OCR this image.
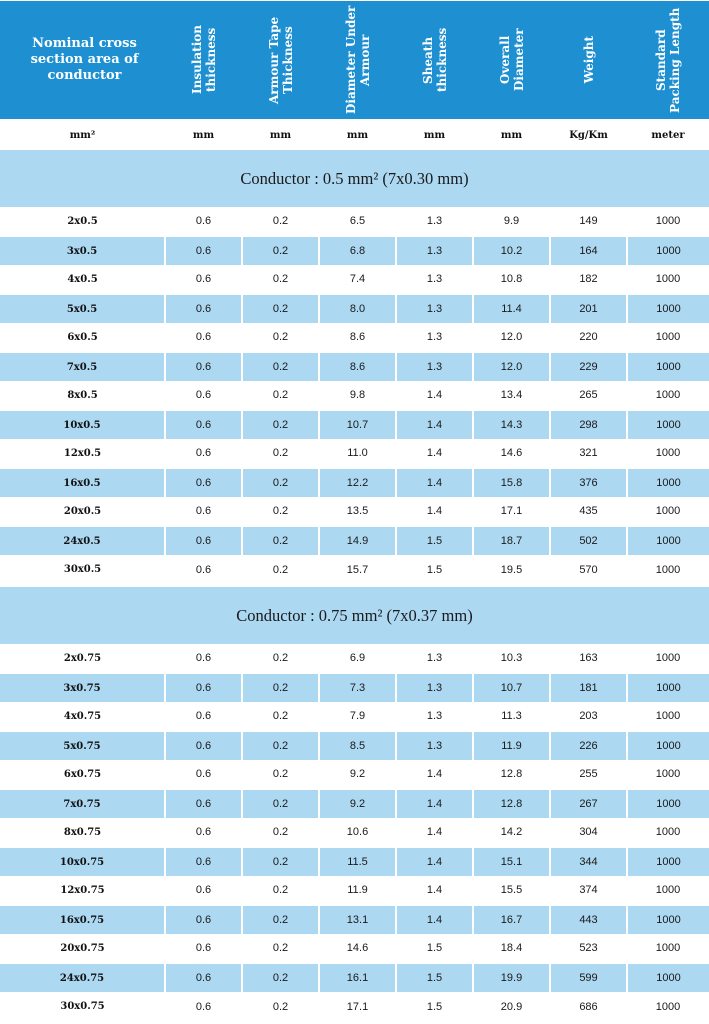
Nominal cross section area of conductor	Insulation thickness	Armour Tape Thickness	Diameter Under Armour	Sheath thickness	Overall Diameter	Weight	Standard Packing Length

mm²	mm	mm	mm	mm	mm	Kg/Km	meter
Conductor : 0.5 mm² (7x0.30 mm)							
2x0.5	0.6	0.2	6.5	1.3	9.9	149	1000
3x0.5	0.6	0.2	6.8	1.3	10.2	164	1000
4x0.5	0.6	0.2	7.4	1.3	10.8	182	1000
5x0.5	0.6	0.2	8.0	1.3	11.4	201	1000
6x0.5	0.6	0.2	8.6	1.3	12.0	220	1000
7x0.5	0.6	0.2	8.6	1.3	12.0	229	1000
8x0.5	0.6	0.2	9.8	1.4	13.4	265	1000
10x0.5	0.6	0.2	10.7	1.4	14.3	298	1000
12x0.5	0.6	0.2	11.0	1.4	14.6	321	1000
16x0.5	0.6	0.2	12.2	1.4	15.8	376	1000
20x0.5	0.6	0.2	13.5	1.4	17.1	435	1000
24x0.5	0.6	0.2	14.9	1.5	18.7	502	1000
30x0.5	0.6	0.2	15.7	1.5	19.5	570	1000

Conductor : 0.75 mm² (7x0.37 mm)							
2x0.75	0.6	0.2	6.9	1.3	10.3	163	1000
3x0.75	0.6	0.2	7.3	1.3	10.7	181	1000
4x0.75	0.6	0.2	7.9	1.3	11.3	203	1000
5x0.75	0.6	0.2	8.5	1.3	11.9	226	1000
6x0.75	0.6	0.2	9.2	1.4	12.8	255	1000
7x0.75	0.6	0.2	9.2	1.4	12.8	267	1000
8x0.75	0.6	0.2	10.6	1.4	14.2	304	1000
10x0.75	0.6	0.2	11.5	1.4	15.1	344	1000
12x0.75	0.6	0.2	11.9	1.4	15.5	374	1000
16x0.75	0.6	0.2	13.1	1.4	16.7	443	1000
20x0.75	0.6	0.2	14.6	1.5	18.4	523	1000
24x0.75	0.6	0.2	16.1	1.5	19.9	599	1000
30x0.75	0.6	0.2	17.1	1.5	20.9	686	1000
